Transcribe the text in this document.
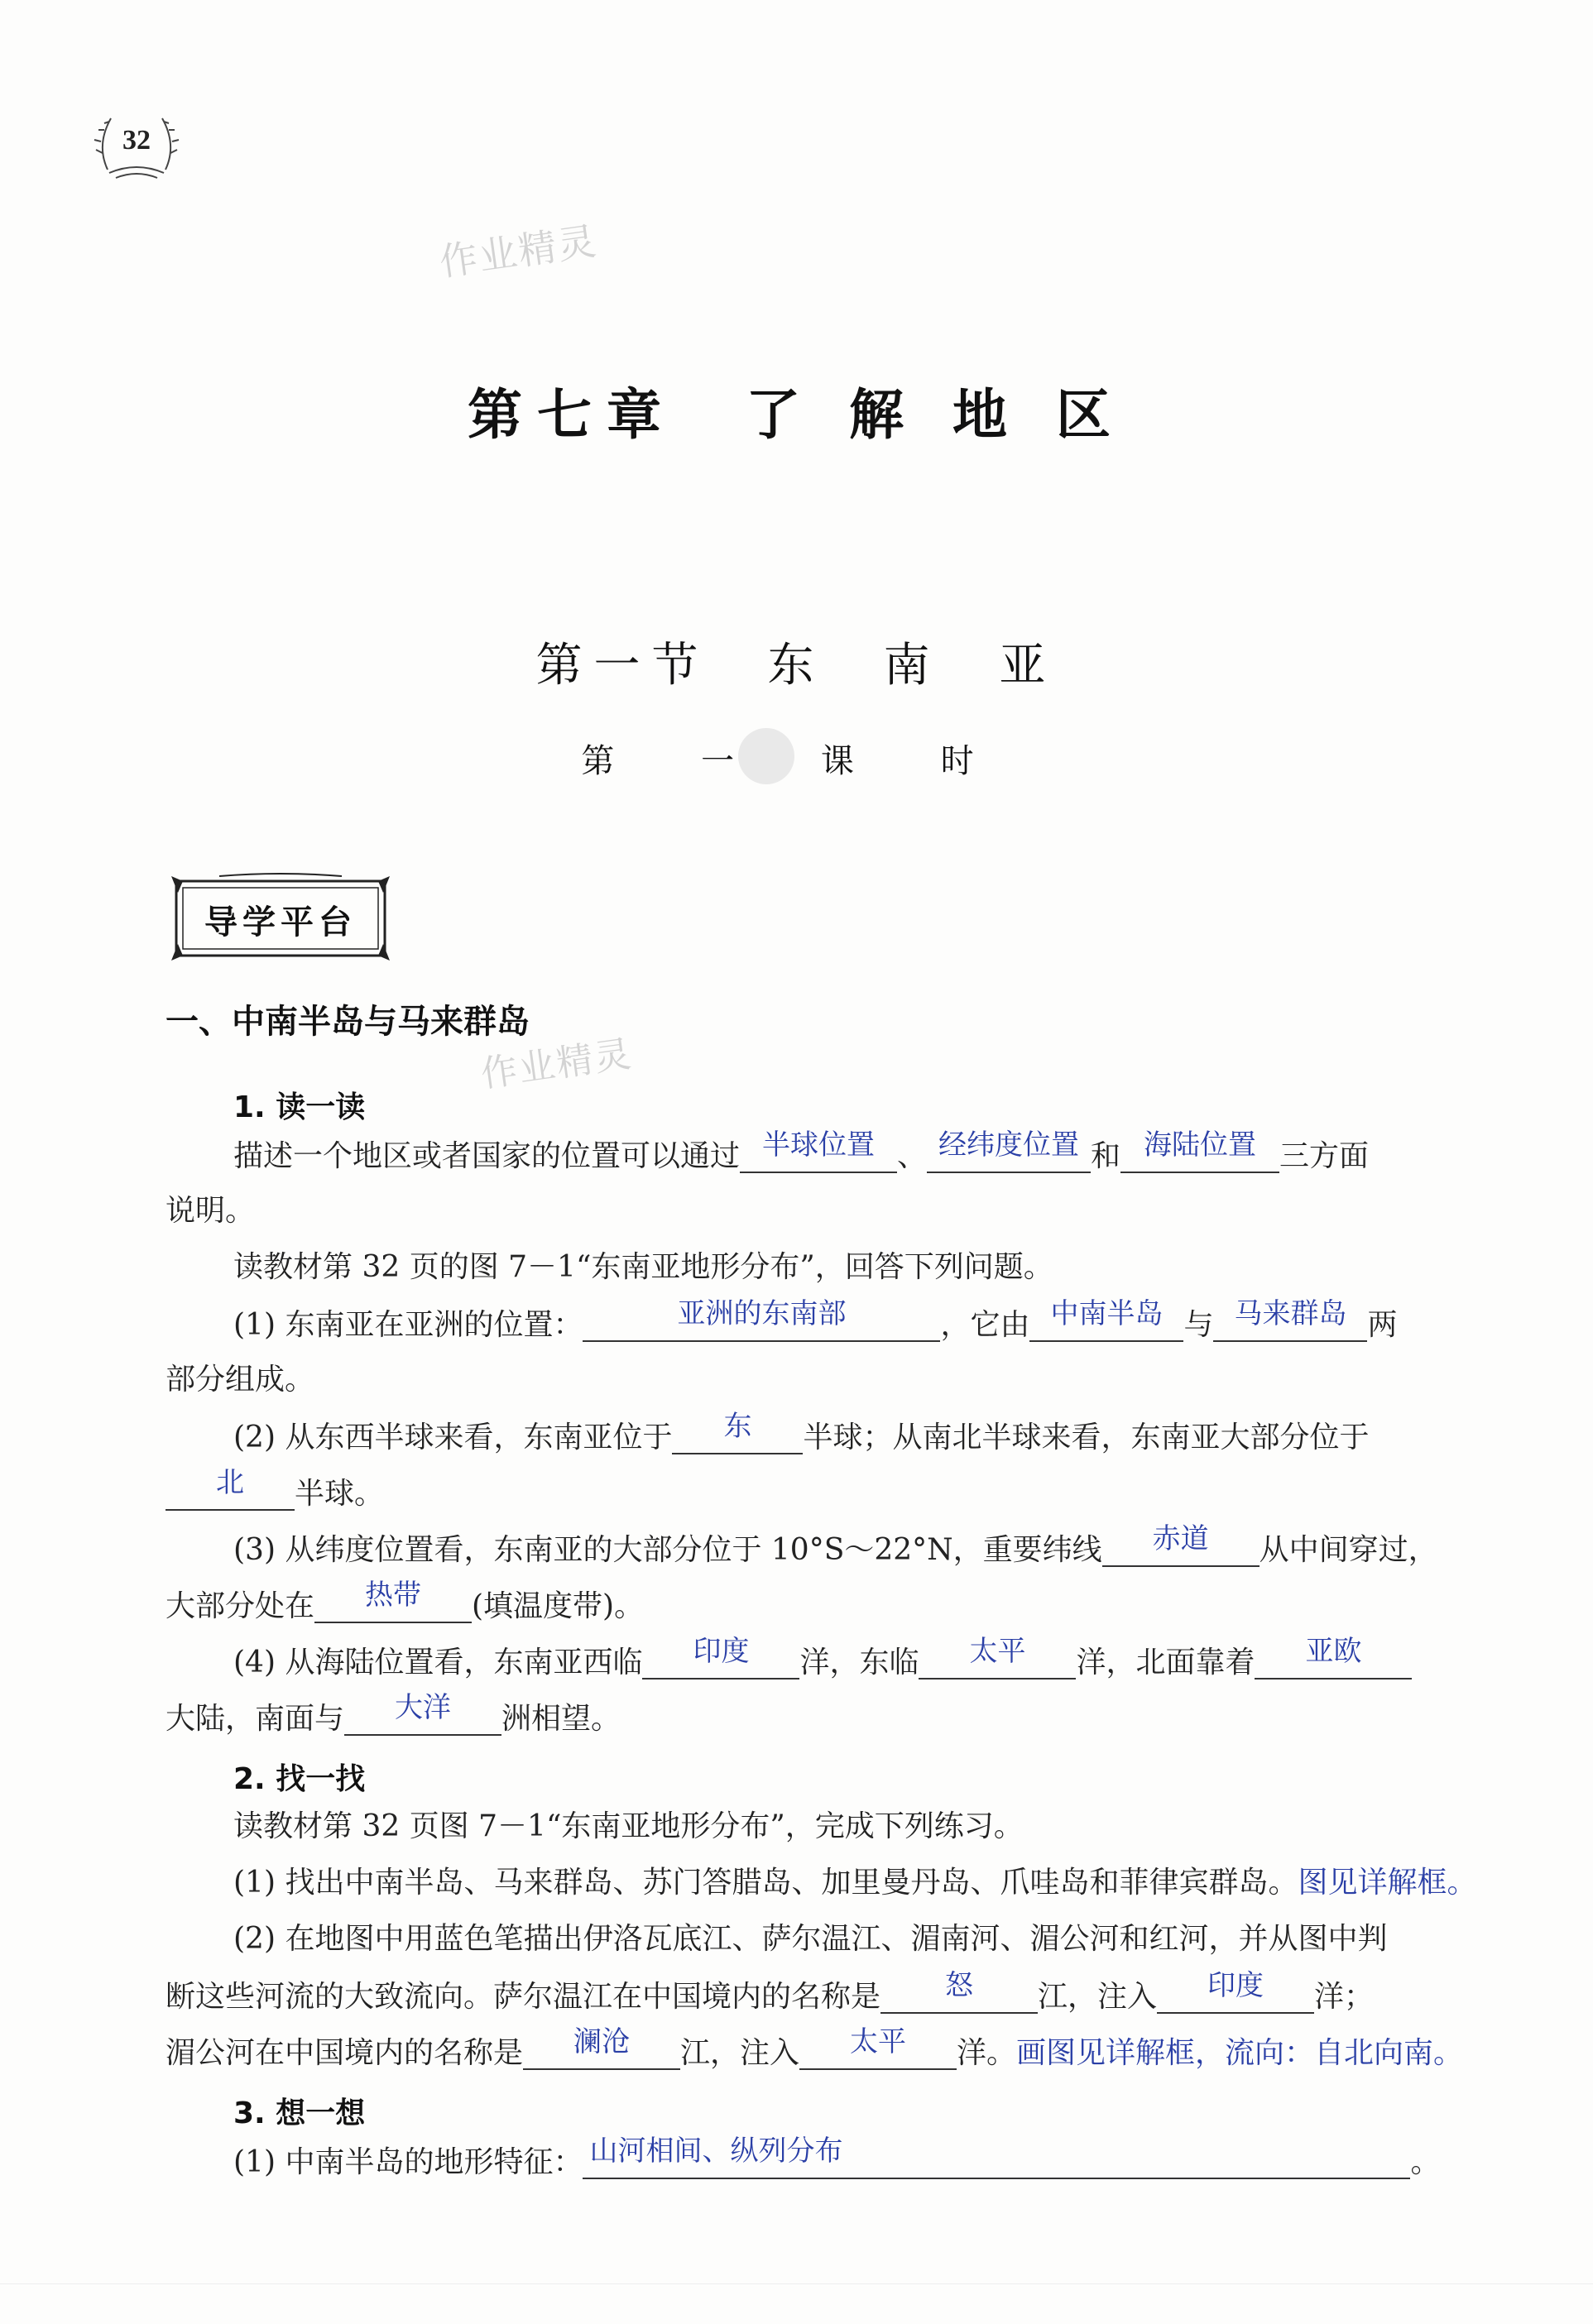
32
作业精灵
作业精灵
第七章　了 解 地 区
第一节　东　南　亚
第 一 课 时
导学平台
一、中南半岛与马来群岛
1. 读一读
描述一个地区或者国家的位置可以通过 半球位置 、 经纬度位置 和 海陆位置 三方面
说明。
读教材第 32 页的图 7－1“东南亚地形分布”，回答下列问题。
(1) 东南亚在亚洲的位置：	亚洲的东南部	，它由 中南半岛 与 马来群岛 两
部分组成。
(2) 从东西半球来看，东南亚位于	东	半球；从南北半球来看，东南亚大部分位于
北	半球。
(3) 从纬度位置看，东南亚的大部分位于 10°S～22°N，重要纬线	赤道	从中间穿过，
大部分处在	热带	(填温度带)。
(4) 从海陆位置看，东南亚西临	印度	洋，东临	太平	洋，北面靠着	亚欧
大陆，南面与	大洋	洲相望。
2. 找一找
读教材第 32 页图 7－1“东南亚地形分布”，完成下列练习。
(1) 找出中南半岛、马来群岛、苏门答腊岛、加里曼丹岛、爪哇岛和菲律宾群岛。图见详解框。
(2) 在地图中用蓝色笔描出伊洛瓦底江、萨尔温江、湄南河、湄公河和红河，并从图中判
断这些河流的大致流向。萨尔温江在中国境内的名称是	怒	江，注入	印度	洋；
湄公河在中国境内的名称是	澜沧	江，注入	太平	洋。画图见详解框，流向：自北向南。
3. 想一想
(1) 中南半岛的地形特征： 山河相间、纵列分布	。
